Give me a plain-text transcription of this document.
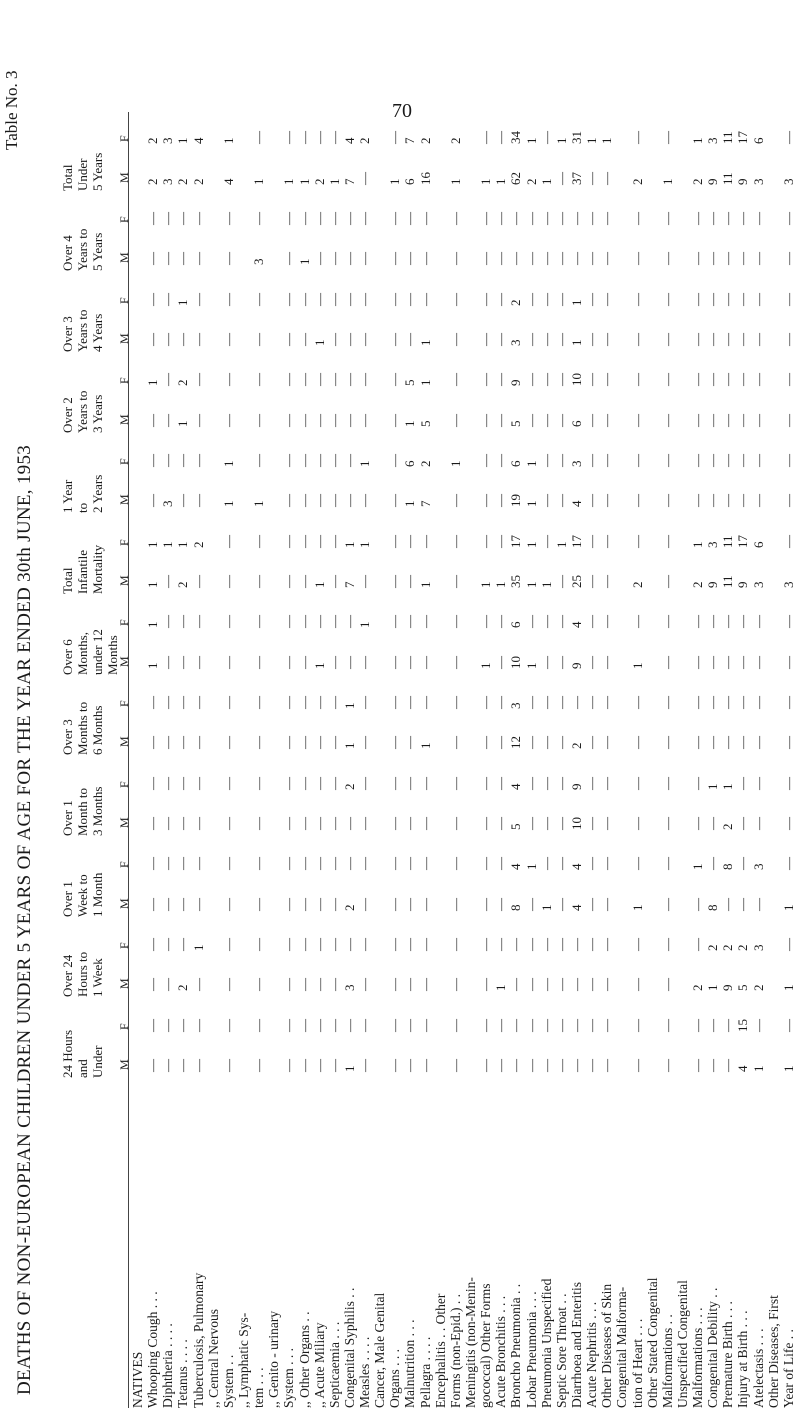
Table No. 3
DEATHS OF NON-EUROPEAN CHILDREN UNDER 5 YEARS OF AGE FOR THE YEAR ENDED 30th JUNE, 1953
70
24 Hours and Under M
F
Over 24 Hours to 1 Week M
F
Over 1 Week to 1 Month M
F
Over 1 Month to 3 Months M
F
Over 3 Months to 6 Months M
F
Over 6 Months, under 12 Months
M
F
Total Infantile Mortality M
F
1 Year to 2 Years M
F
Over 2 Years to 3 Years M
F
Over 3 Years to 4 Years M
F
Over 4 Years to 5 Years M
F
Total Under 5 Years M
F
NATIVES Whooping Cough . . .
—
—
—
—
—
—
—
—
—
—
1
1
1
1
—
—
—
1
—
—
—
—
2
2
Diphtheria . . . .
—
—
—
—
—
—
—
—
—
—
—
—
—
1
3
—
—
—
—
—
—
—
3
3
Tetanus . . . .
—
—
2
—
—
—
—
—
—
—
—
—
2
1
—
—
1
2
—
1
—
—
2
1
Tuberculosis, Pulmonary
—
—
—
1
—
—
—
—
—
—
—
—
—
2
—
—
—
—
—
—
—
—
2
4
,, Central Nervous System . .
—
—
—
—
—
—
—
—
—
—
—
—
—
—
1
1
—
—
—
—
—
—
4
1
,, Lymphatic Sys- tem . . .
—
—
—
—
—
—
—
—
—
—
—
—
—
—
1
—
—
—
—
—
3
—
1
—
,, Genito - urinary System . . .
—
—
—
—
—
—
—
—
—
—
—
—
—
—
—
—
—
—
—
—
—
—
1
—
,, Other Organs . .
—
—
—
—
—
—
—
—
—
—
—
—
—
—
—
—
—
—
—
—
1
—
1
—
,, Acute Miliary
—
—
—
—
—
—
—
—
—
—
1
—
1
—
—
—
—
—
1
—
—
—
2
—
Septicaemia . . .
—
—
—
—
—
—
—
—
—
—
—
—
—
—
—
—
—
—
—
—
—
—
1
—
Congenital Syphilis . .
1
—
3
—
2
—
—
2
1
1
—
—
7
1
—
—
—
—
—
—
—
—
7
4
Measles . . . .
—
—
—
—
—
—
—
—
—
—
—
1
—
1
—
1
—
—
—
—
—
—
—
2
Cancer, Male Genital Organs . . .
—
—
—
—
—
—
—
—
—
—
—
—
—
—
—
—
—
—
—
—
—
—
1
—
Malnutrition . . .
—
—
—
—
—
—
—
—
—
—
—
—
—
—
1
6
1
5
—
—
—
—
6
7
Pellagra . . . .
—
—
—
—
—
—
—
—
1
—
—
—
1
—
7
2
5
1
1
—
—
—
16
2
Encephalitis . . Other Forms (non-Epid.) . .
—
—
—
—
—
—
—
—
—
—
—
—
—
—
—
1
—
—
—
—
—
—
1
2
Meningitis (non-Menin- gococcal) Other Forms
—
—
—
—
—
—
—
—
—
—
1
—
1
—
—
—
—
—
—
—
—
—
1
—
Acute Bronchitis . . .
—
—
1
—
—
—
—
—
—
—
—
—
1
—
—
—
—
—
—
—
—
—
1
—
Broncho Pneumonia . .
—
—
—
—
8
4
5
4
12
3
10
6
35
17
19
6
5
9
3
2
—
—
62
34
Lobar Pneumonia . . .
—
—
—
—
—
1
—
—
—
—
1
—
1
1
1
1
—
—
—
—
—
—
2
1
Pneumonia Unspecified
—
—
—
—
1
—
—
—
—
—
—
—
1
—
—
—
—
—
—
—
—
—
1
—
Septic Sore Throat . .
—
—
—
—
—
—
—
—
—
—
—
—
—
1
—
—
—
—
—
—
—
—
—
1
Diarrhoea and Enteritis
—
—
—
—
4
4
10
9
2
—
9
4
25
17
4
3
6
10
1
1
—
—
37
31
Acute Nephritis . . .
—
—
—
—
—
—
—
—
—
—
—
—
—
—
—
—
—
—
—
—
—
—
—
1
Other Diseases of Skin
—
—
—
—
—
—
—
—
—
—
—
—
—
—
—
—
—
—
—
—
—
—
—
1
Congenital Malforma- tion of Heart . . .
—
—
—
—
1
—
—
—
—
—
1
—
2
—
—
—
—
—
—
—
—
—
2
—
Other Stated Congenital Malformations . .
—
—
—
—
—
—
—
—
—
—
—
—
—
—
—
—
—
—
—
—
—
—
1
—
Unspecified Congenital Malformations . . .
—
—
2
—
—
1
—
—
—
—
—
—
2
1
—
—
—
—
—
—
—
—
2
1
Congenital Debility . .
—
—
1
2
8
—
—
1
—
—
—
—
9
3
—
—
—
—
—
—
—
—
9
3
Premature Birth . . .
—
—
9
2
—
8
2
1
—
—
—
—
11
11
—
—
—
—
—
—
—
—
11
11
Injury at Birth . . .
4
15
5
2
—
—
—
—
—
—
—
—
9
17
—
—
—
—
—
—
—
—
9
17
Atelectasis . . .
1
—
2
3
—
3
—
—
—
—
—
—
3
6
—
—
—
—
—
—
—
—
3
6
Other Diseases, First Year of Life . .
1
—
1
—
1
—
—
—
—
—
—
—
3
—
—
—
—
—
—
—
—
—
3
—
